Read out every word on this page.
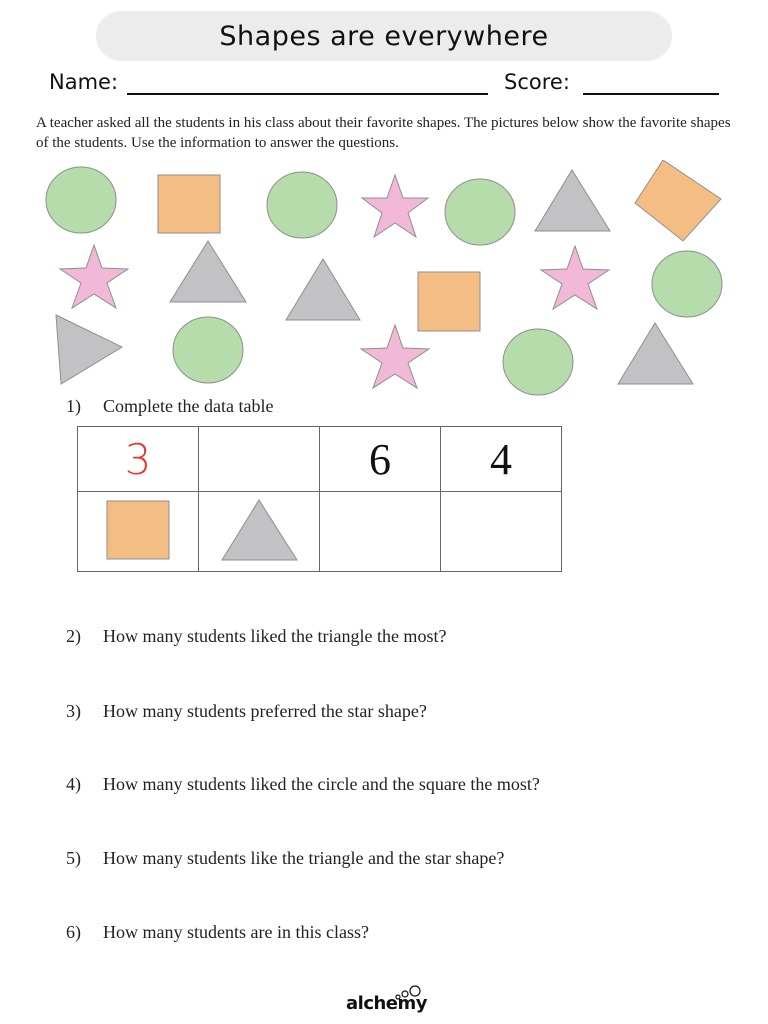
Shapes are everywhere
Name:	Score:
A teacher asked all the students in his class about their favorite shapes. The pictures below show the favorite shapes of the students. Use the information to answer the questions.
1) Complete the data table
3		6	4

2) How many students liked the triangle the most?
3) How many students preferred the star shape?
4) How many students liked the circle and the square the most?
5) How many students like the triangle and the star shape?
6) How many students are in this class?
alchemy
